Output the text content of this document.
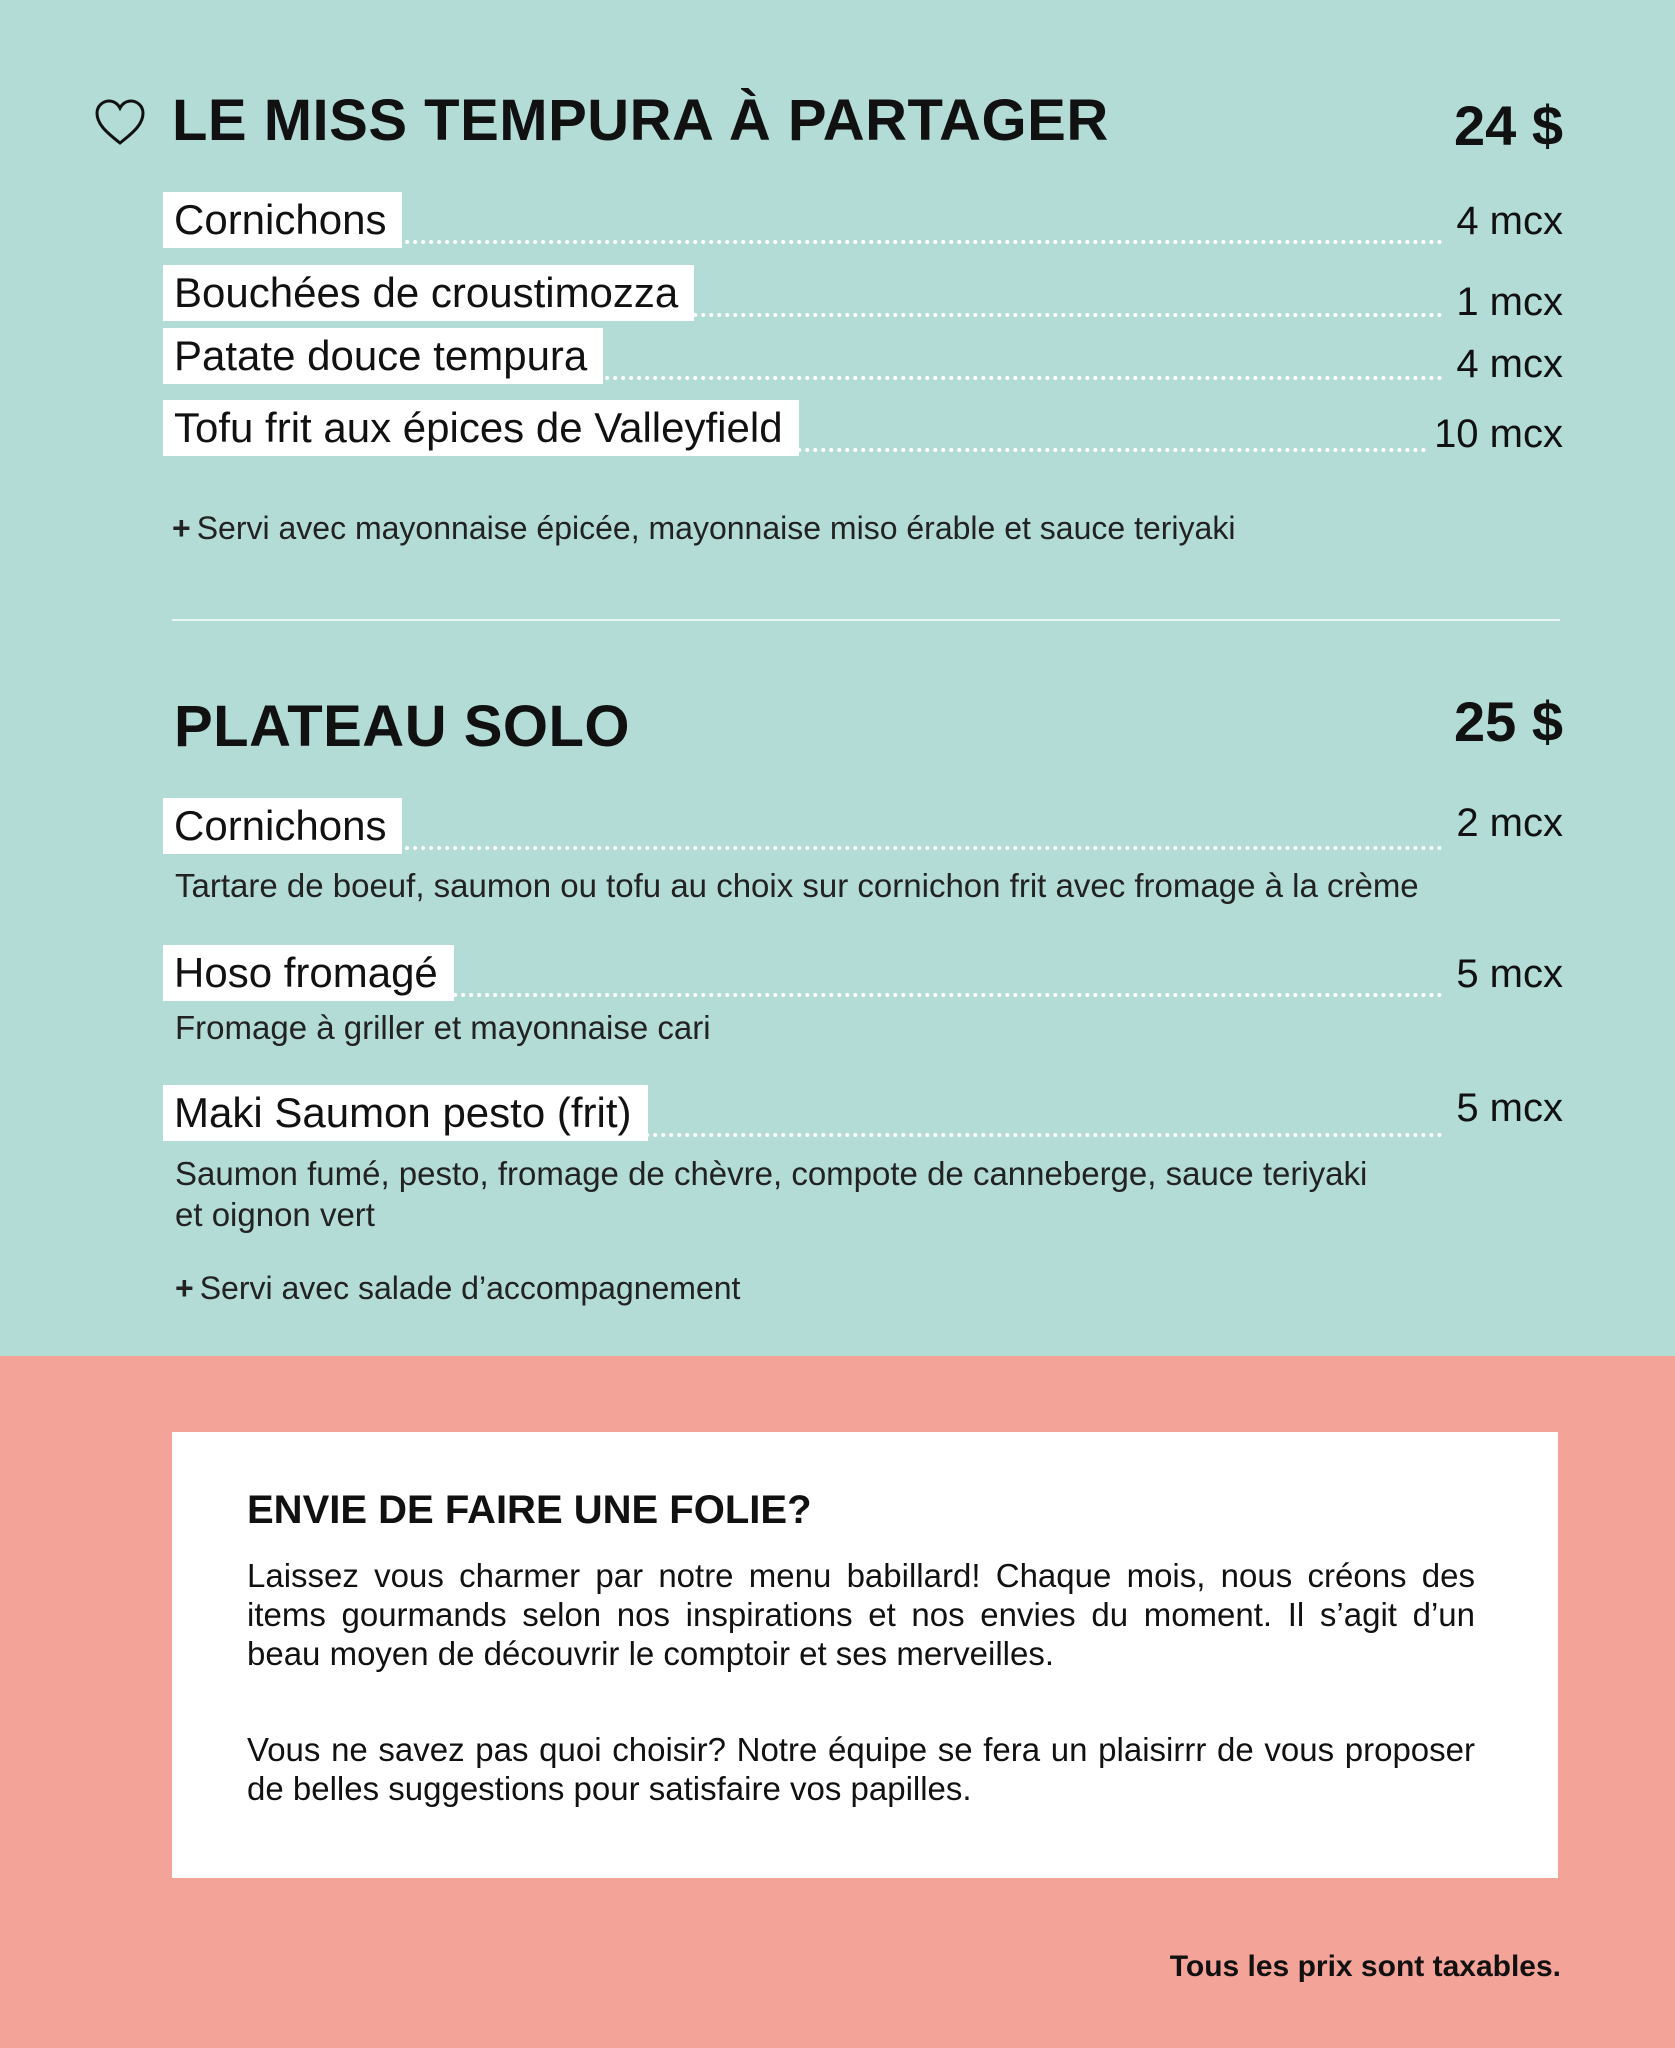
LE MISS TEMPURA À PARTAGER	24 $
Cornichons	4 mcx
Bouchées de croustimozza	1 mcx
Patate douce tempura	4 mcx
Tofu frit aux épices de Valleyfield	10 mcx
+ Servi avec mayonnaise épicée, mayonnaise miso érable et sauce teriyaki
PLATEAU SOLO	25 $
Cornichons	2 mcx
Tartare de boeuf, saumon ou tofu au choix sur cornichon frit avec fromage à la crème
Hoso fromagé	5 mcx
Fromage à griller et mayonnaise cari
Maki Saumon pesto (frit)	5 mcx
Saumon fumé, pesto, fromage de chèvre, compote de canneberge, sauce teriyaki et oignon vert
+ Servi avec salade d’accompagnement
ENVIE DE FAIRE UNE FOLIE?

Laissez vous charmer par notre menu babillard! Chaque mois, nous créons des items gourmands selon nos inspirations et nos envies du moment. Il s’agit d’un beau moyen de découvrir le comptoir et ses merveilles.

Vous ne savez pas quoi choisir? Notre équipe se fera un plaisirrr de vous proposer de belles suggestions pour satisfaire vos papilles.

Tous les prix sont taxables.
